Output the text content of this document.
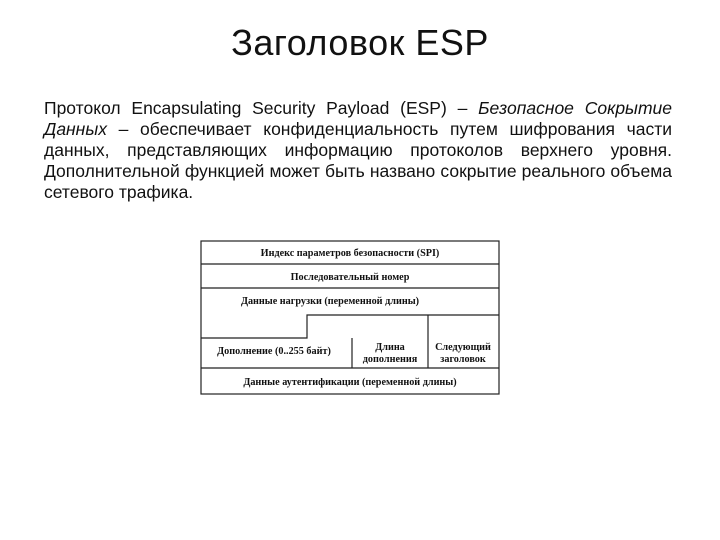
Заголовок ESP
Протокол Encapsulating Security Payload (ESP) – Безопасное Сокрытие Данных – обеспечивает конфиденциальность путем шифрования части данных, представляющих информацию протоколов верхнего уровня. Дополнительной функцией может быть названо сокрытие реального объема сетевого трафика.
Индекс параметров безопасности (SPI)
Последовательный номер
Данные нагрузки (переменной длины)
Дополнение (0..255 байт)	Длина
дополнения
Следующий
заголовок
Данные аутентификации (переменной длины)
